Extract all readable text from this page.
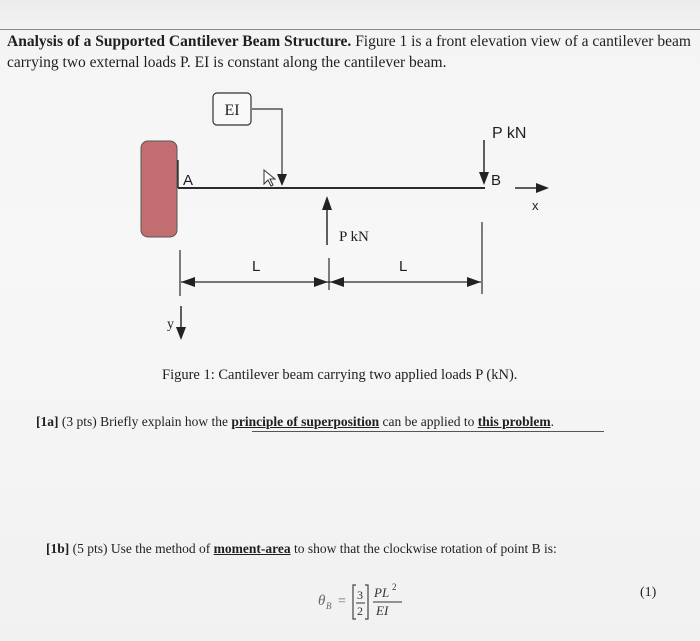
Analysis of a Supported Cantilever Beam Structure. Figure 1 is a front elevation view of a cantilever beam carrying two external loads P. EI is constant along the cantilever beam.
EI
P kN
P kN
A	B
x
y
L	L
Figure 1: Cantilever beam carrying two applied loads P (kN).
[1a] (3 pts) Briefly explain how the principle of superposition can be applied to this problem.
[1b] (5 pts) Use the method of moment-area to show that the clockwise rotation of point B is:
θ B = 3
2
PL 2
EI
(1)
